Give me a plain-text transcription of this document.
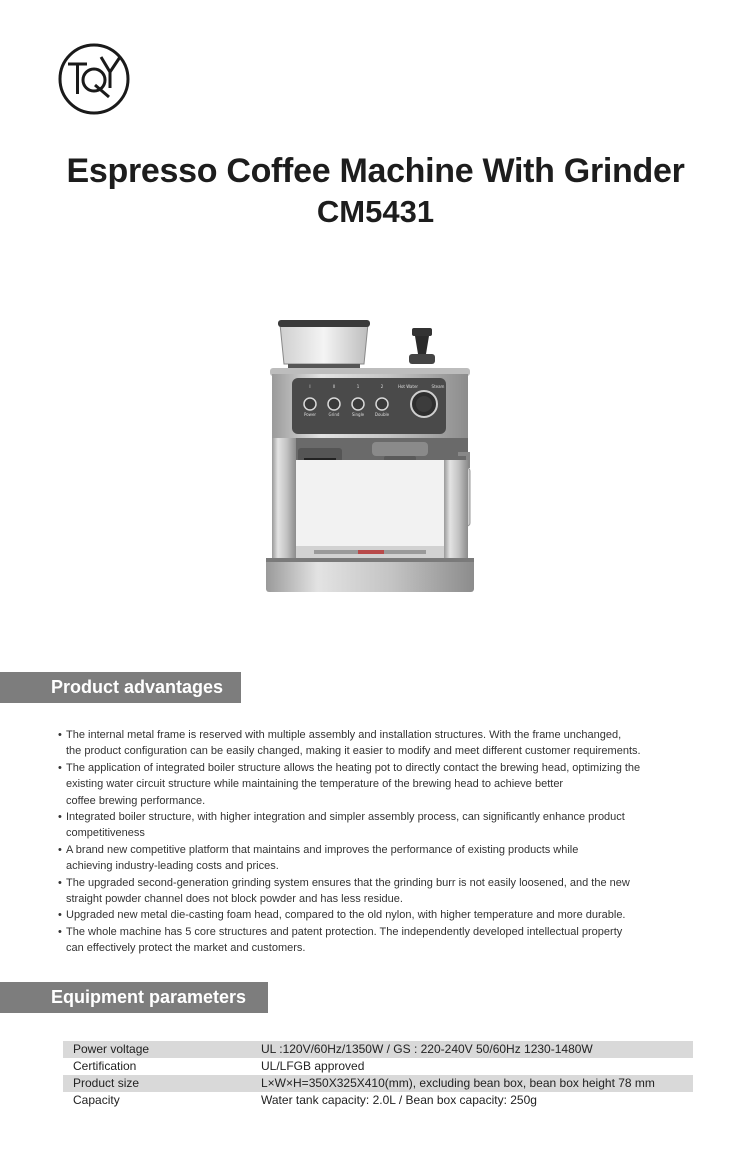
Espresso Coffee Machine With Grinder
CM5431
Power	Grind	Single	Double
I	II	1	2	Hot Water	Steam
Product advantages
• The internal metal frame is reserved with multiple assembly and installation structures. With the frame unchanged,
the product configuration can be easily changed, making it easier to modify and meet different customer requirements.
• The application of integrated boiler structure allows the heating pot to directly contact the brewing head, optimizing the
existing water circuit structure while maintaining the temperature of the brewing head to achieve better
coffee brewing performance.
• Integrated boiler structure, with higher integration and simpler assembly process, can significantly enhance product
competitiveness
• A brand new competitive platform that maintains and improves the performance of existing products while
achieving industry-leading costs and prices.
• The upgraded second-generation grinding system ensures that the grinding burr is not easily loosened, and the new
straight powder channel does not block powder and has less residue.
• Upgraded new metal die-casting foam head, compared to the old nylon, with higher temperature and more durable.
• The whole machine has 5 core structures and patent protection. The independently developed intellectual property
can effectively protect the market and customers.
Equipment parameters
Power voltage	UL :120V/60Hz/1350W / GS : 220-240V 50/60Hz 1230-1480W
Certification	UL/LFGB approved
Product size	L×W×H=350X325X410(mm), excluding bean box, bean box height 78 mm
Capacity	Water tank capacity: 2.0L / Bean box capacity: 250g
